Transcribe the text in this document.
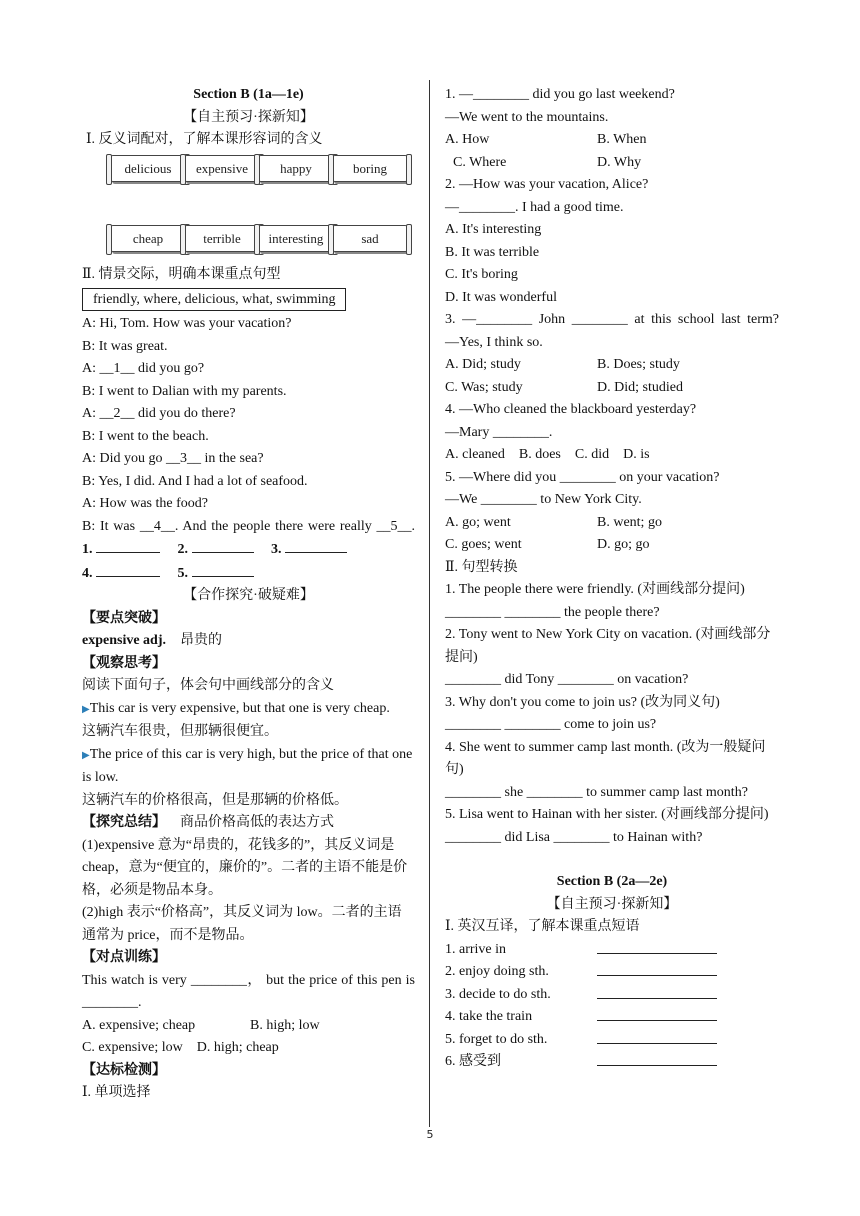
Section B (1a—1e)
【自主预习·探新知】
Ⅰ. 反义词配对，了解本课形容词的含义
delicious	expensive	happy	boring
cheap	terrible	interesting	sad
Ⅱ. 情景交际，明确本课重点句型
friendly, where, delicious, what, swimming
A: Hi, Tom. How was your vacation?
B: It was great.
A: __1__ did you go?
B: I went to Dalian with my parents.
A: __2__ did you do there?
B: I went to the beach.
A: Did you go __3__ in the sea?
B: Yes, I did. And I had a lot of seafood.
A: How was the food?
B: It was __4__. And the people there were really __5__.
1.	2.	3.
4.	5.
【合作探究·破疑难】
【要点突破】
expensive adj. 昂贵的
【观察思考】
阅读下面句子，体会句中画线部分的含义
▶This car is very expensive, but that one is very cheap.
这辆汽车很贵，但那辆很便宜。
▶The price of this car is very high, but the price of that one is low.
这辆汽车的价格很高，但是那辆的价格低。
【探究总结】 商品价格高低的表达方式
(1)expensive 意为“昂贵的，花钱多的”，其反义词是cheap，意为“便宜的，廉价的”。二者的主语不能是价格，必须是物品本身。
(2)high 表示“价格高”，其反义词为 low。二者的主语通常为 price，而不是物品。
【对点训练】
This watch is very ________， but the price of this pen is ________.
A. expensive; cheap	B. high; low
C. expensive; low D. high; cheap
【达标检测】
Ⅰ. 单项选择
1. —________ did you go last weekend?
—We went to the mountains.
A. How	B. When
C. Where	D. Why
2. —How was your vacation, Alice?
—________. I had a good time.
A. It's interesting
B. It was terrible
C. It's boring
D. It was wonderful
3. —________ John ________ at this school last term?
—Yes, I think so.
A. Did; study	B. Does; study
C. Was; study	D. Did; studied
4. —Who cleaned the blackboard yesterday?
—Mary ________.
A. cleaned    B. does    C. did    D. is
5. —Where did you ________ on your vacation?
—We ________ to New York City.
A. go; went	B. went; go
C. goes; went	D. go; go
Ⅱ. 句型转换
1. The people there were friendly. (对画线部分提问)
________ ________ the people there?
2. Tony went to New York City on vacation. (对画线部分提问)
________ did Tony ________ on vacation?
3. Why don't you come to join us? (改为同义句)
________ ________ come to join us?
4. She went to summer camp last month. (改为一般疑问句)
________ she ________ to summer camp last month?
5. Lisa went to Hainan with her sister. (对画线部分提问)
________ did Lisa ________ to Hainan with?
Section B (2a—2e)
【自主预习·探新知】
Ⅰ. 英汉互译，了解本课重点短语
1. arrive in
2. enjoy doing sth.
3. decide to do sth.
4. take the train
5. forget to do sth.
6. 感受到
5
